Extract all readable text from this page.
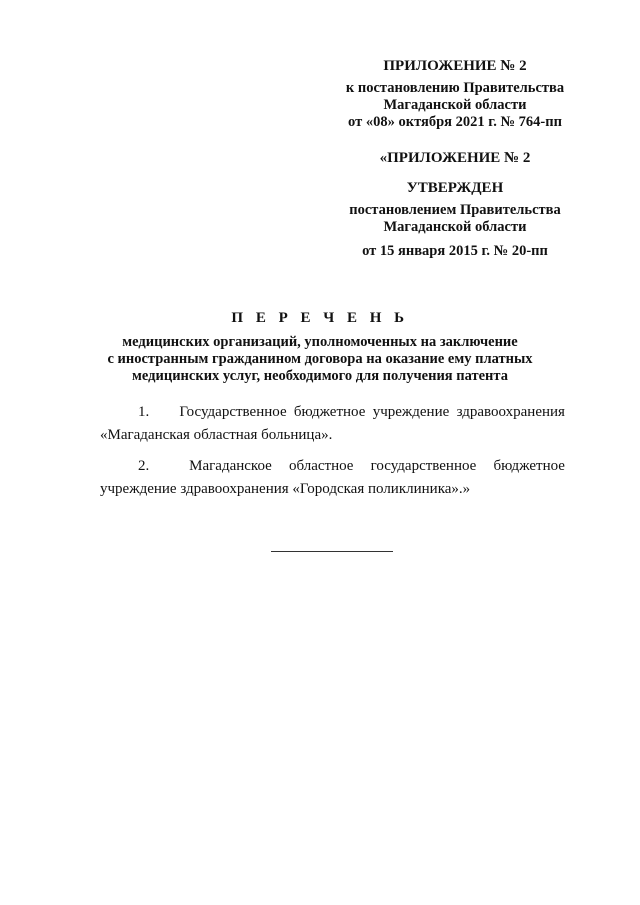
ПРИЛОЖЕНИЕ № 2
к постановлению Правительства
Магаданской области
от «08» октября 2021 г. № 764-пп
«ПРИЛОЖЕНИЕ № 2
УТВЕРЖДЕН
постановлением Правительства
Магаданской области
от 15 января 2015 г. № 20-пп
П Е Р Е Ч Е Н Ь
медицинских организаций, уполномоченных на заключение
с иностранным гражданином договора на оказание ему платных
медицинских услуг, необходимого для получения патента
1.	Государственное бюджетное учреждение здравоохранения
«Магаданская областная больница».
2.	Магаданское областное государственное бюджетное
учреждение здравоохранения «Городская поликлиника».»
